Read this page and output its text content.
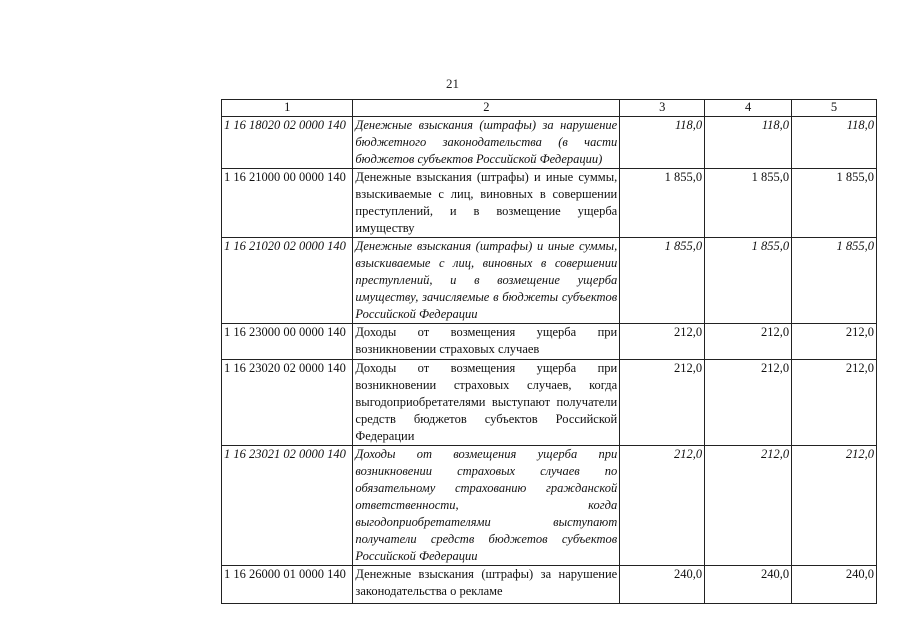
21
1	2	3	4	5
1 16 18020 02 0000 140	Денежные взыскания (штрафы) за нарушение бюджетного законодательства (в части бюджетов субъектов Российской Федерации)	118,0	118,0	118,0
1 16 21000 00 0000 140	Денежные взыскания (штрафы) и иные суммы, взыскиваемые с лиц, виновных в совершении преступлений, и в возмещение ущерба имуществу	1 855,0	1 855,0	1 855,0
1 16 21020 02 0000 140	Денежные взыскания (штрафы) и иные суммы, взыскиваемые с лиц, виновных в совершении преступлений, и в возмещение ущерба имуществу, зачисляемые в бюджеты субъектов Российской Федерации	1 855,0	1 855,0	1 855,0
1 16 23000 00 0000 140	Доходы от возмещения ущерба при возникновении страховых случаев	212,0	212,0	212,0
1 16 23020 02 0000 140	Доходы от возмещения ущерба при возникновении страховых случаев, когда выгодоприобретателями выступают получатели средств бюджетов субъектов Российской Федерации	212,0	212,0	212,0
1 16 23021 02 0000 140	Доходы от возмещения ущерба при возникновении страховых случаев по обязательному страхованию гражданской ответственности, когда выгодоприобретателями выступают получатели средств бюджетов субъектов Российской Федерации	212,0	212,0	212,0
1 16 26000 01 0000 140	Денежные взыскания (штрафы) за нарушение законодательства о рекламе	240,0	240,0	240,0
